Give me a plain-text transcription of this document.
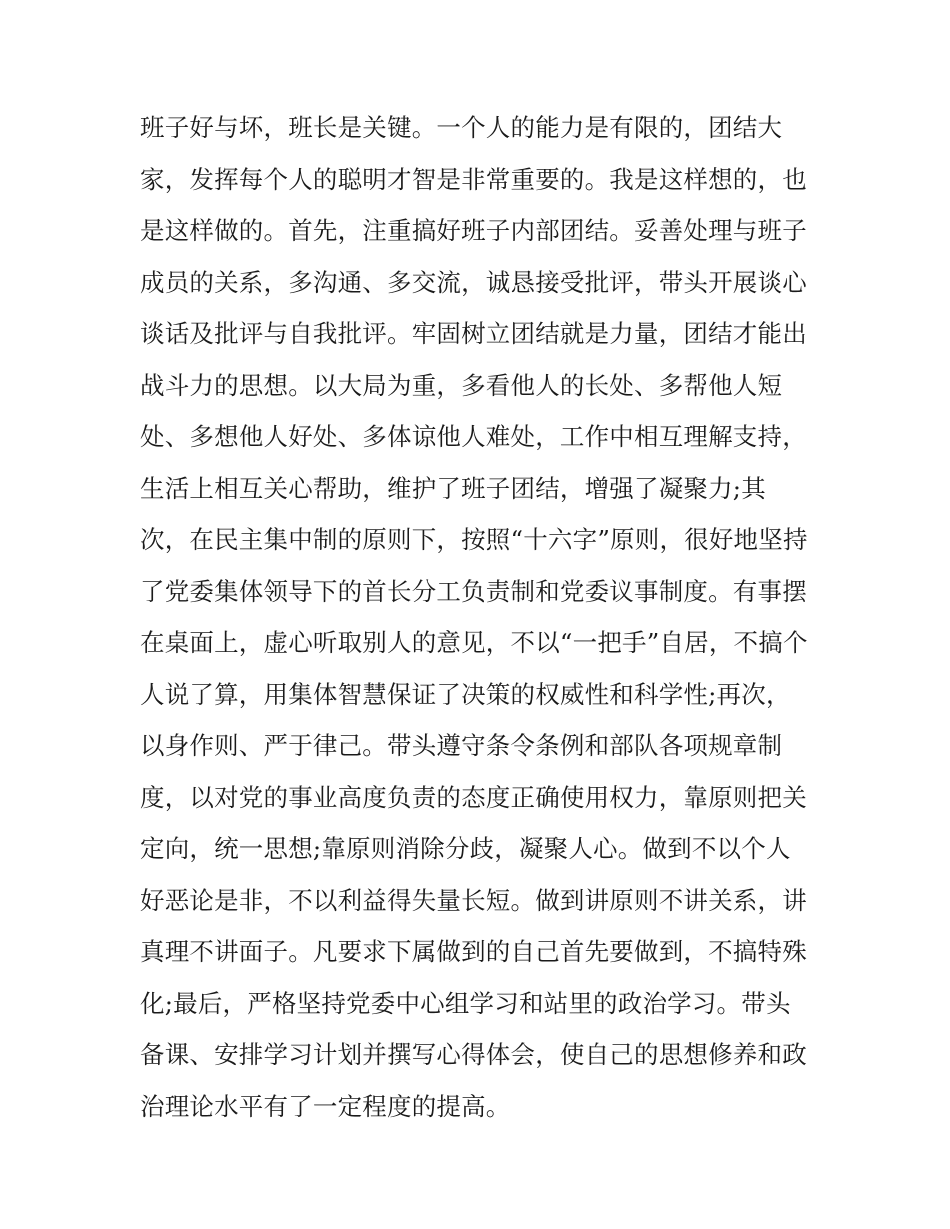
班子好与坏，班长是关键。一个人的能力是有限的，团结大
家，发挥每个人的聪明才智是非常重要的。我是这样想的，也
是这样做的。首先，注重搞好班子内部团结。妥善处理与班子
成员的关系，多沟通、多交流，诚恳接受批评，带头开展谈心
谈话及批评与自我批评。牢固树立团结就是力量，团结才能出
战斗力的思想。以大局为重，多看他人的长处、多帮他人短
处、多想他人好处、多体谅他人难处，工作中相互理解支持，
生活上相互关心帮助，维护了班子团结，增强了凝聚力;其
次，在民主集中制的原则下，按照“十六字”原则，很好地坚持
了党委集体领导下的首长分工负责制和党委议事制度。有事摆
在桌面上，虚心听取别人的意见，不以“一把手”自居，不搞个
人说了算，用集体智慧保证了决策的权威性和科学性;再次，
以身作则、严于律己。带头遵守条令条例和部队各项规章制
度，以对党的事业高度负责的态度正确使用权力，靠原则把关
定向，统一思想;靠原则消除分歧，凝聚人心。做到不以个人
好恶论是非，不以利益得失量长短。做到讲原则不讲关系，讲
真理不讲面子。凡要求下属做到的自己首先要做到，不搞特殊
化;最后，严格坚持党委中心组学习和站里的政治学习。带头
备课、安排学习计划并撰写心得体会，使自己的思想修养和政
治理论水平有了一定程度的提高。
